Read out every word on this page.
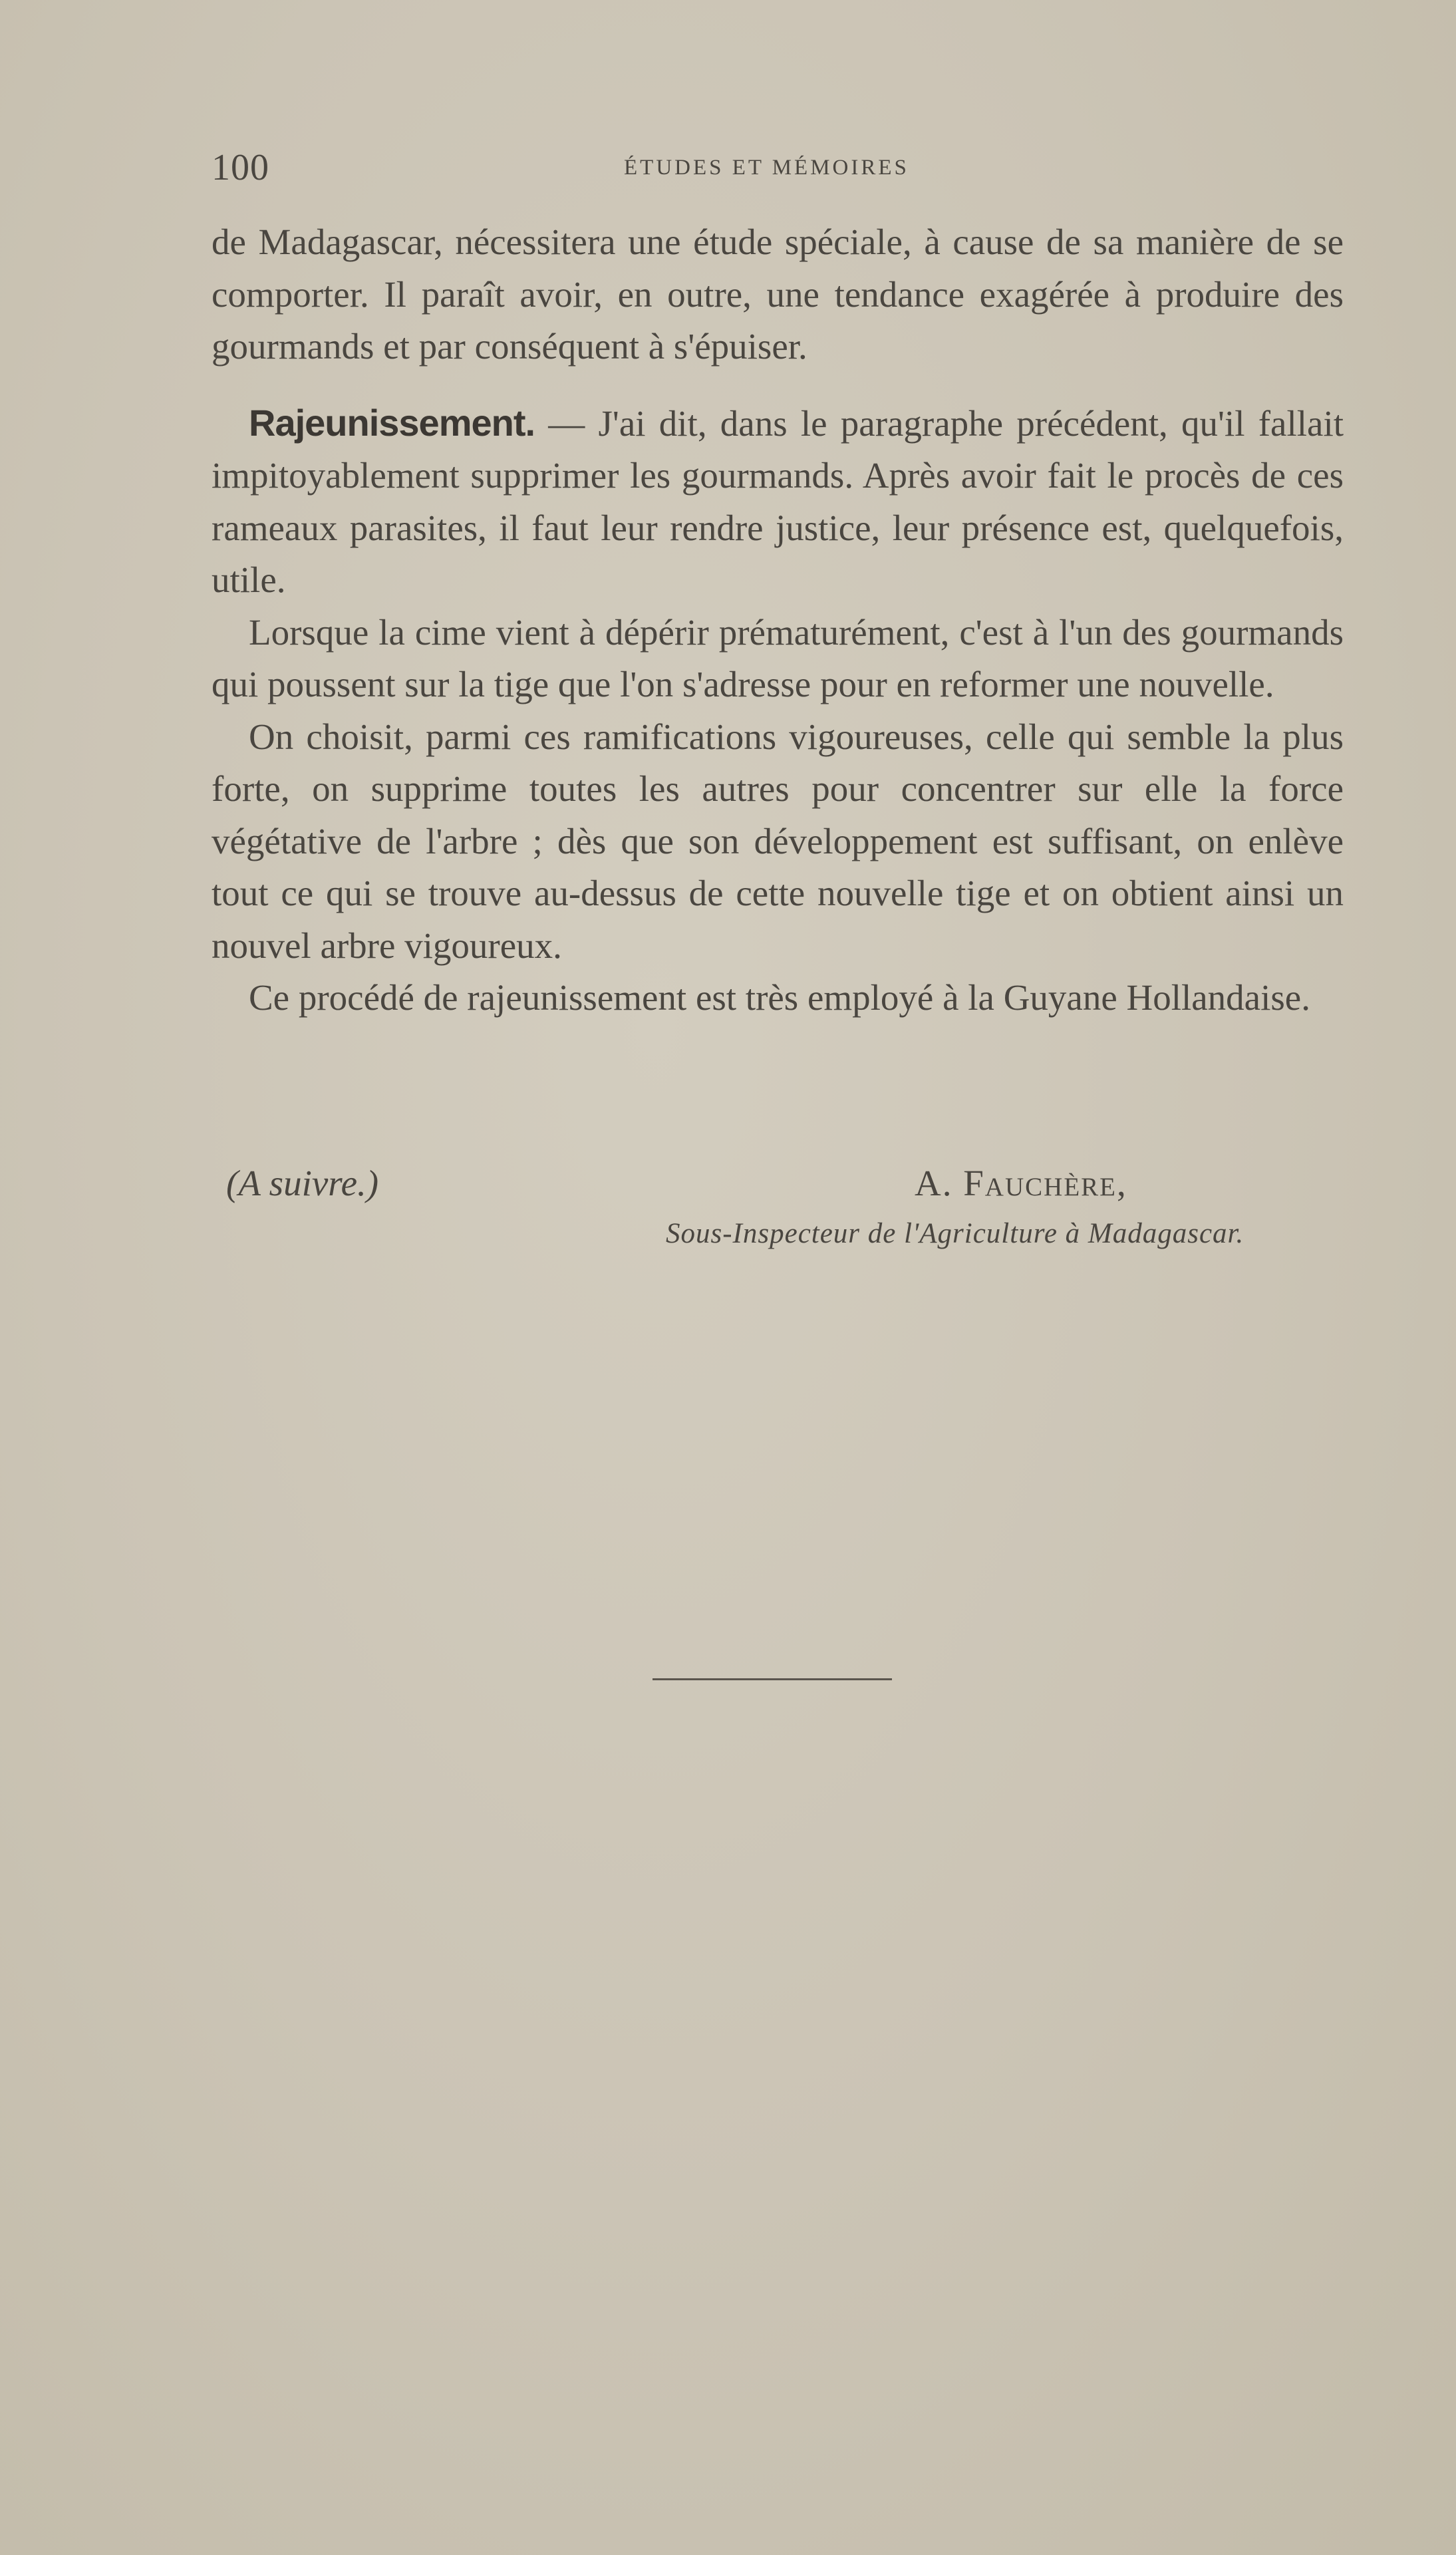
100	ÉTUDES ET MÉMOIRES

de Madagascar, nécessitera une étude spéciale, à cause de sa manière de se comporter. Il paraît avoir, en outre, une tendance exagérée à produire des gourmands et par conséquent à s'épuiser.

Rajeunissement. — J'ai dit, dans le paragraphe précédent, qu'il fallait impitoyablement supprimer les gourmands. Après avoir fait le procès de ces rameaux parasites, il faut leur rendre justice, leur présence est, quelquefois, utile.

Lorsque la cime vient à dépérir prématurément, c'est à l'un des gourmands qui poussent sur la tige que l'on s'adresse pour en reformer une nouvelle.

On choisit, parmi ces ramifications vigoureuses, celle qui semble la plus forte, on supprime toutes les autres pour concentrer sur elle la force végétative de l'arbre ; dès que son développement est suffisant, on enlève tout ce qui se trouve au-dessus de cette nouvelle tige et on obtient ainsi un nouvel arbre vigoureux.

Ce procédé de rajeunissement est très employé à la Guyane Hollandaise.

(A suivre.)	A. Fauchère,
Sous-Inspecteur de l'Agriculture à Madagascar.
